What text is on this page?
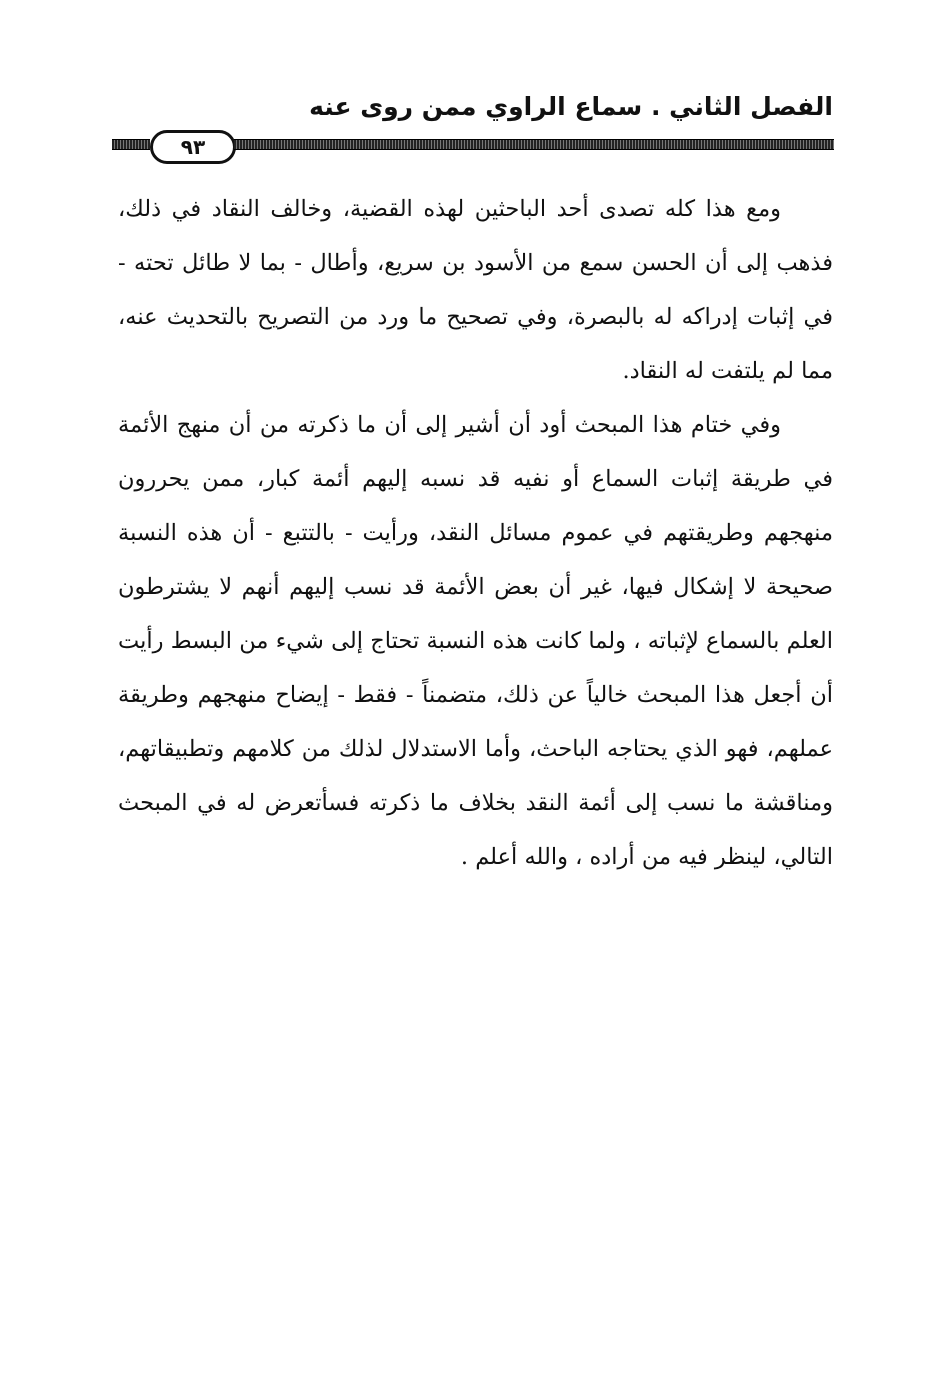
الفصل الثاني . سماع الراوي ممن روى عنه
٩٣

ومع هذا كله تصدى أحد الباحثين لهذه القضية، وخالف النقاد في ذلك، فذهب إلى أن الحسن سمع من الأسود بن سريع، وأطال - بما لا طائل تحته - في إثبات إدراكه له بالبصرة، وفي تصحيح ما ورد من التصريح بالتحديث عنه، مما لم يلتفت له النقاد.

وفي ختام هذا المبحث أود أن أشير إلى أن ما ذكرته من أن منهج الأئمة في طريقة إثبات السماع أو نفيه قد نسبه إليهم أئمة كبار، ممن يحررون منهجهم وطريقتهم في عموم مسائل النقد، ورأيت - بالتتبع - أن هذه النسبة صحيحة لا إشكال فيها، غير أن بعض الأئمة قد نسب إليهم أنهم لا يشترطون العلم بالسماع لإثباته ، ولما كانت هذه النسبة تحتاج إلى شيء من البسط رأيت أن أجعل هذا المبحث خالياً عن ذلك، متضمناً - فقط - إيضاح منهجهم وطريقة عملهم، فهو الذي يحتاجه الباحث، وأما الاستدلال لذلك من كلامهم وتطبيقاتهم، ومناقشة ما نسب إلى أئمة النقد بخلاف ما ذكرته فسأتعرض له في المبحث التالي، لينظر فيه من أراده ، والله أعلم .
